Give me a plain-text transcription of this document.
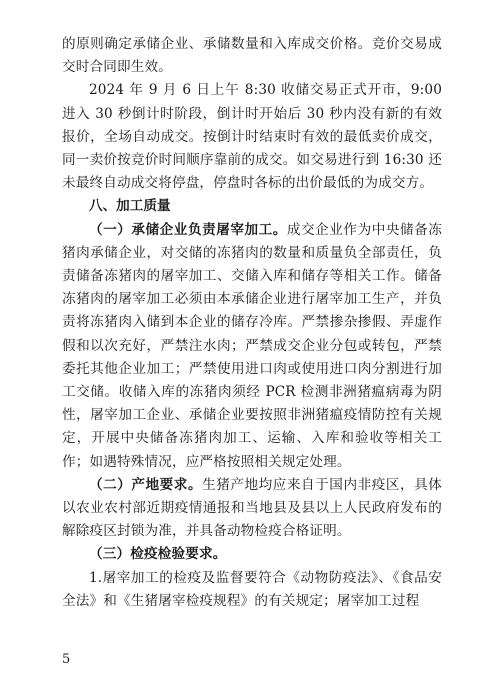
的原则确定承储企业、承储数量和入库成交价格。竞价交易成交时合同即生效。

2024 年 9 月 6 日上午 8:30 收储交易正式开市，9:00 进入 30 秒倒计时阶段，倒计时开始后 30 秒内没有新的有效报价，全场自动成交。按倒计时结束时有效的最低卖价成交，同一卖价按竞价时间顺序靠前的成交。如交易进行到 16:30 还未最终自动成交将停盘，停盘时各标的出价最低的为成交方。

八、加工质量

（一）承储企业负责屠宰加工。成交企业作为中央储备冻猪肉承储企业，对交储的冻猪肉的数量和质量负全部责任，负责储备冻猪肉的屠宰加工、交储入库和储存等相关工作。储备冻猪肉的屠宰加工必须由本承储企业进行屠宰加工生产，并负责将冻猪肉入储到本企业的储存冷库。严禁掺杂掺假、弄虚作假和以次充好，严禁注水肉；严禁成交企业分包或转包，严禁委托其他企业加工；严禁使用进口肉或使用进口肉分割进行加工交储。收储入库的冻猪肉须经 PCR 检测非洲猪瘟病毒为阴性，屠宰加工企业、承储企业要按照非洲猪瘟疫情防控有关规定，开展中央储备冻猪肉加工、运输、入库和验收等相关工作；如遇特殊情况，应严格按照相关规定处理。

（二）产地要求。生猪产地均应来自于国内非疫区，具体以农业农村部近期疫情通报和当地县及县以上人民政府发布的解除疫区封锁为准，并具备动物检疫合格证明。

（三）检疫检验要求。

1.屠宰加工的检疫及监督要符合《动物防疫法》、《食品安全法》和《生猪屠宰检疫规程》的有关规定；屠宰加工过程

5
